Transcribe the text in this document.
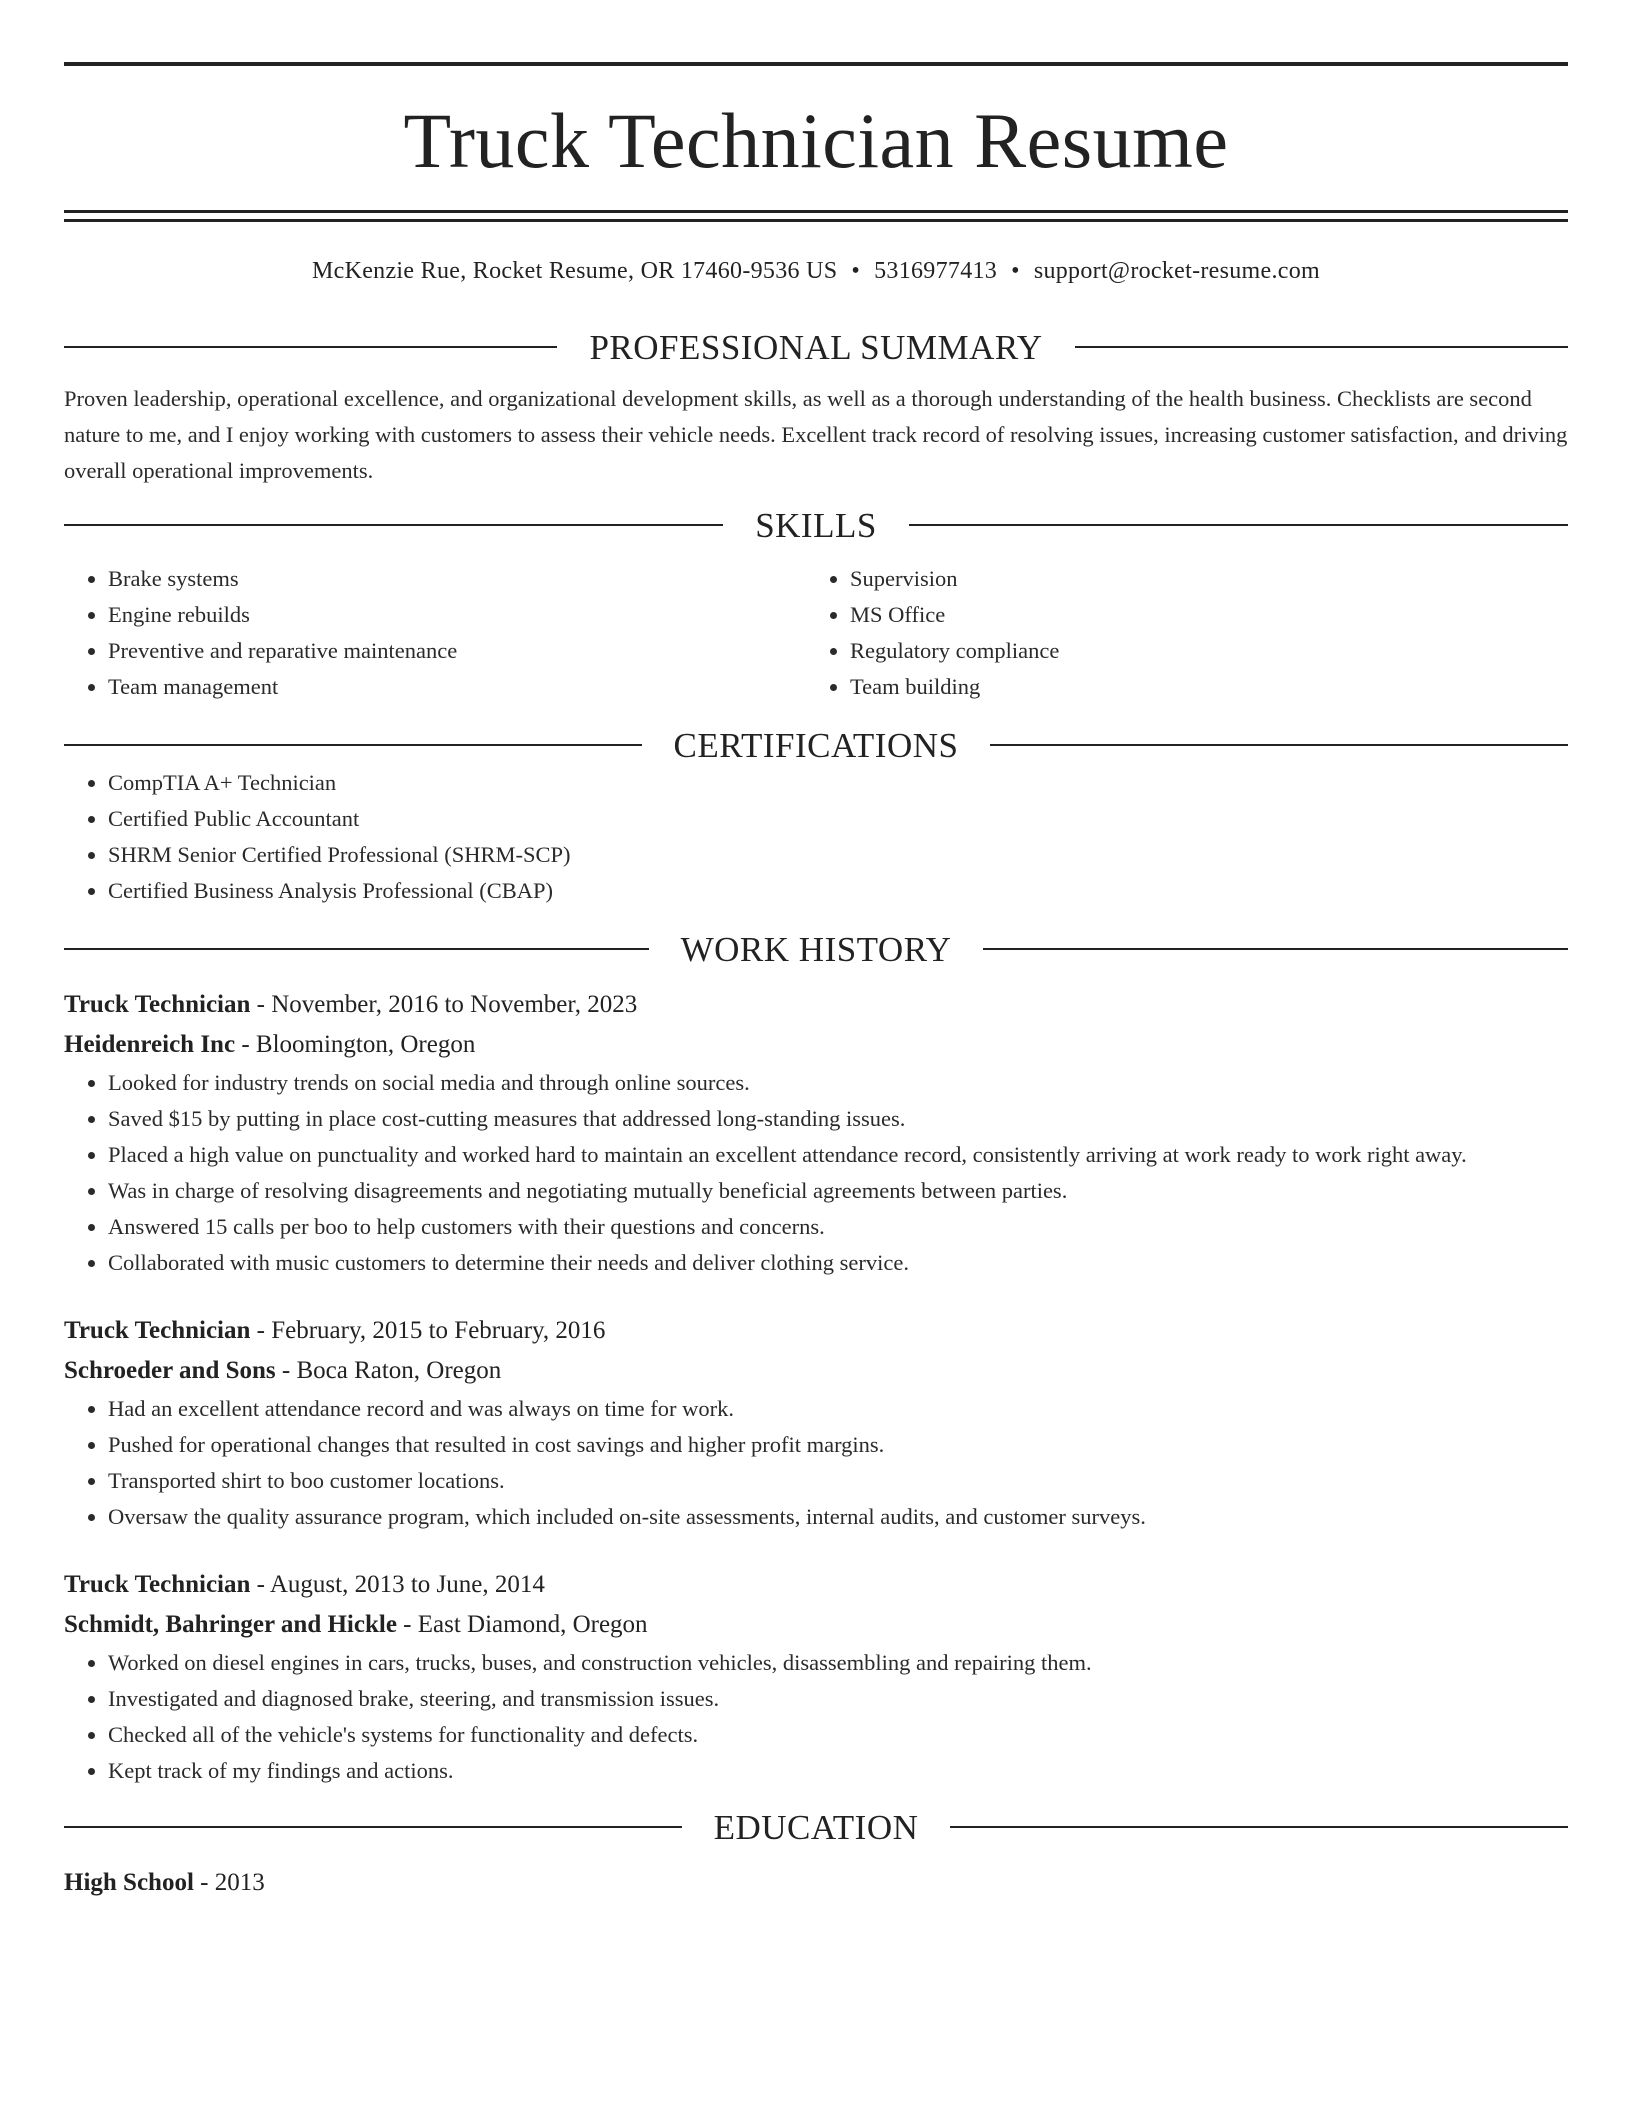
Truck Technician Resume
McKenzie Rue, Rocket Resume, OR 17460-9536 US • 5316977413 • support@rocket-resume.com
PROFESSIONAL SUMMARY
Proven leadership, operational excellence, and organizational development skills, as well as a thorough understanding of the health business. Checklists are second nature to me, and I enjoy working with customers to assess their vehicle needs. Excellent track record of resolving issues, increasing customer satisfaction, and driving overall operational improvements.
SKILLS
• Brake systems
• Engine rebuilds
• Preventive and reparative maintenance
• Team management
• Supervision
• MS Office
• Regulatory compliance
• Team building
CERTIFICATIONS
• CompTIA A+ Technician
• Certified Public Accountant
• SHRM Senior Certified Professional (SHRM-SCP)
• Certified Business Analysis Professional (CBAP)
WORK HISTORY
Truck Technician - November, 2016 to November, 2023
Heidenreich Inc - Bloomington, Oregon
• Looked for industry trends on social media and through online sources.
• Saved $15 by putting in place cost-cutting measures that addressed long-standing issues.
• Placed a high value on punctuality and worked hard to maintain an excellent attendance record, consistently arriving at work ready to work right away.
• Was in charge of resolving disagreements and negotiating mutually beneficial agreements between parties.
• Answered 15 calls per boo to help customers with their questions and concerns.
• Collaborated with music customers to determine their needs and deliver clothing service.
Truck Technician - February, 2015 to February, 2016
Schroeder and Sons - Boca Raton, Oregon
• Had an excellent attendance record and was always on time for work.
• Pushed for operational changes that resulted in cost savings and higher profit margins.
• Transported shirt to boo customer locations.
• Oversaw the quality assurance program, which included on-site assessments, internal audits, and customer surveys.
Truck Technician - August, 2013 to June, 2014
Schmidt, Bahringer and Hickle - East Diamond, Oregon
• Worked on diesel engines in cars, trucks, buses, and construction vehicles, disassembling and repairing them.
• Investigated and diagnosed brake, steering, and transmission issues.
• Checked all of the vehicle's systems for functionality and defects.
• Kept track of my findings and actions.
EDUCATION
High School - 2013
